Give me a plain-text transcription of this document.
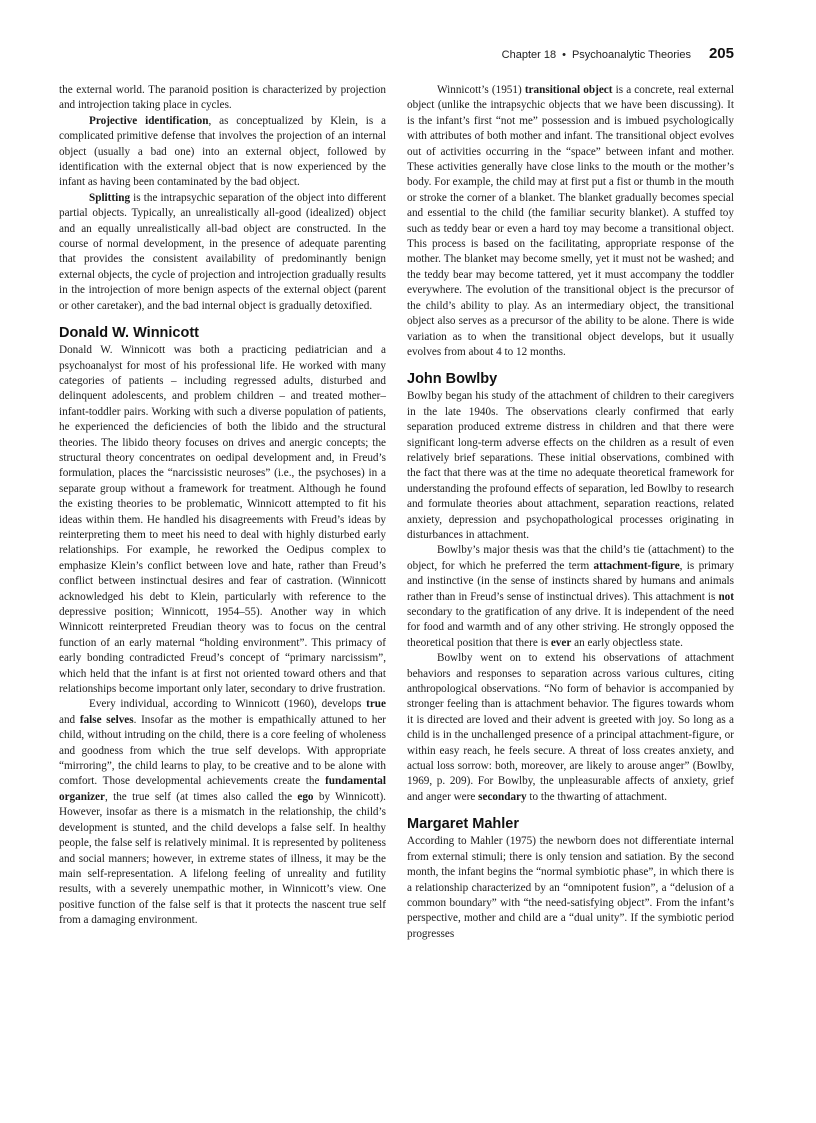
Chapter 18 • Psychoanalytic Theories 205

the external world. The paranoid position is characterized by projection and introjection taking place in cycles.

Projective identification, as conceptualized by Klein, is a complicated primitive defense that involves the projection of an internal object (usually a bad one) into an external object, followed by identification with the external object that is now experienced by the infant as having been contaminated by the bad object.

Splitting is the intrapsychic separation of the object into different partial objects. Typically, an unrealistically all-good (idealized) object and an equally unrealistically all-bad object are constructed. In the course of normal development, in the presence of adequate parenting that provides the consistent availability of predominantly benign external objects, the cycle of projection and introjection gradually results in the introjection of more benign aspects of the external object (parent or other caretaker), and the bad internal object is gradually detoxified.

Donald W. Winnicott

Donald W. Winnicott was both a practicing pediatrician and a psychoanalyst for most of his professional life. He worked with many categories of patients – including regressed adults, disturbed and delinquent adolescents, and problem children – and treated mother–infant-toddler pairs. Working with such a diverse population of patients, he experienced the deficiencies of both the libido and the structural theories. The libido theory focuses on drives and anergic concepts; the structural theory concentrates on oedipal development and, in Freud’s formulation, places the “narcissistic neuroses” (i.e., the psychoses) in a separate group without a framework for treatment. Although he found the existing theories to be problematic, Winnicott attempted to fit his ideas within them. He handled his disagreements with Freud’s ideas by reinterpreting them to meet his need to deal with highly disturbed early relationships. For example, he reworked the Oedipus complex to emphasize Klein’s conflict between love and hate, rather than Freud’s conflict between instinctual desires and fear of castration. (Winnicott acknowledged his debt to Klein, particularly with reference to the depressive position; Winnicott, 1954–55). Another way in which Winnicott reinterpreted Freudian theory was to focus on the central function of an early maternal “holding environment”. This primacy of early bonding contradicted Freud’s concept of “primary narcissism”, which held that the infant is at first not oriented toward others and that relationships become important only later, secondary to drive frustration.

Every individual, according to Winnicott (1960), develops true and false selves. Insofar as the mother is empathically attuned to her child, without intruding on the child, there is a core feeling of wholeness and goodness from which the true self develops. With appropriate “mirroring”, the child learns to play, to be creative and to be alone with comfort. Those developmental achievements create the fundamental organizer, the true self (at times also called the ego by Winnicott). However, insofar as there is a mismatch in the relationship, the child’s development is stunted, and the child develops a false self. In healthy people, the false self is relatively minimal. It is represented by politeness and social manners; however, in extreme states of illness, it may be the main self-representation. A lifelong feeling of unreality and futility results, with a severely unempathic mother, in Winnicott’s view. One positive function of the false self is that it protects the nascent true self from a damaging environment.

Winnicott’s (1951) transitional object is a concrete, real external object (unlike the intrapsychic objects that we have been discussing). It is the infant’s first “not me” possession and is imbued psychologically with attributes of both mother and infant. The transitional object evolves out of activities occurring in the “space” between infant and mother. These activities generally have close links to the mouth or the mother’s body. For example, the child may at first put a fist or thumb in the mouth or stroke the corner of a blanket. The blanket gradually becomes special and essential to the child (the familiar security blanket). A stuffed toy such as teddy bear or even a hard toy may become a transitional object. This process is based on the facilitating, appropriate response of the mother. The blanket may become smelly, yet it must not be washed; and the teddy bear may become tattered, yet it must accompany the toddler everywhere. The evolution of the transitional object is the precursor of the child’s ability to play. As an intermediary object, the transitional object also serves as a precursor of the ability to be alone. There is wide variation as to when the transitional object develops, but it usually evolves from about 4 to 12 months.

John Bowlby

Bowlby began his study of the attachment of children to their caregivers in the late 1940s. The observations clearly confirmed that early separation produced extreme distress in children and that there were significant long-term adverse effects on the children as a result of even relatively brief separations. These initial observations, combined with the fact that there was at the time no adequate theoretical framework for understanding the profound effects of separation, led Bowlby to research and formulate theories about attachment, separation reactions, related anxiety, depression and psychopathological processes originating in disturbances in attachment.

Bowlby’s major thesis was that the child’s tie (attachment) to the object, for which he preferred the term attachment-figure, is primary and instinctive (in the sense of instincts shared by humans and animals rather than in Freud’s sense of instinctual drives). This attachment is not secondary to the gratification of any drive. It is independent of the need for food and warmth and of any other striving. He strongly opposed the theoretical position that there is ever an early objectless state.

Bowlby went on to extend his observations of attachment behaviors and responses to separation across various cultures, citing anthropological observations. “No form of behavior is accompanied by stronger feeling than is attachment behavior. The figures towards whom it is directed are loved and their advent is greeted with joy. So long as a child is in the unchallenged presence of a principal attachment-figure, or within easy reach, he feels secure. A threat of loss creates anxiety, and actual loss sorrow: both, moreover, are likely to arouse anger” (Bowlby, 1969, p. 209). For Bowlby, the unpleasurable affects of anxiety, grief and anger were secondary to the thwarting of attachment.

Margaret Mahler

According to Mahler (1975) the newborn does not differentiate internal from external stimuli; there is only tension and satiation. By the second month, the infant begins the “normal symbiotic phase”, in which there is a relationship characterized by an “omnipotent fusion”, a “delusion of a common boundary” with “the need-satisfying object”. From the infant’s perspective, mother and child are a “dual unity”. If the symbiotic period progresses
